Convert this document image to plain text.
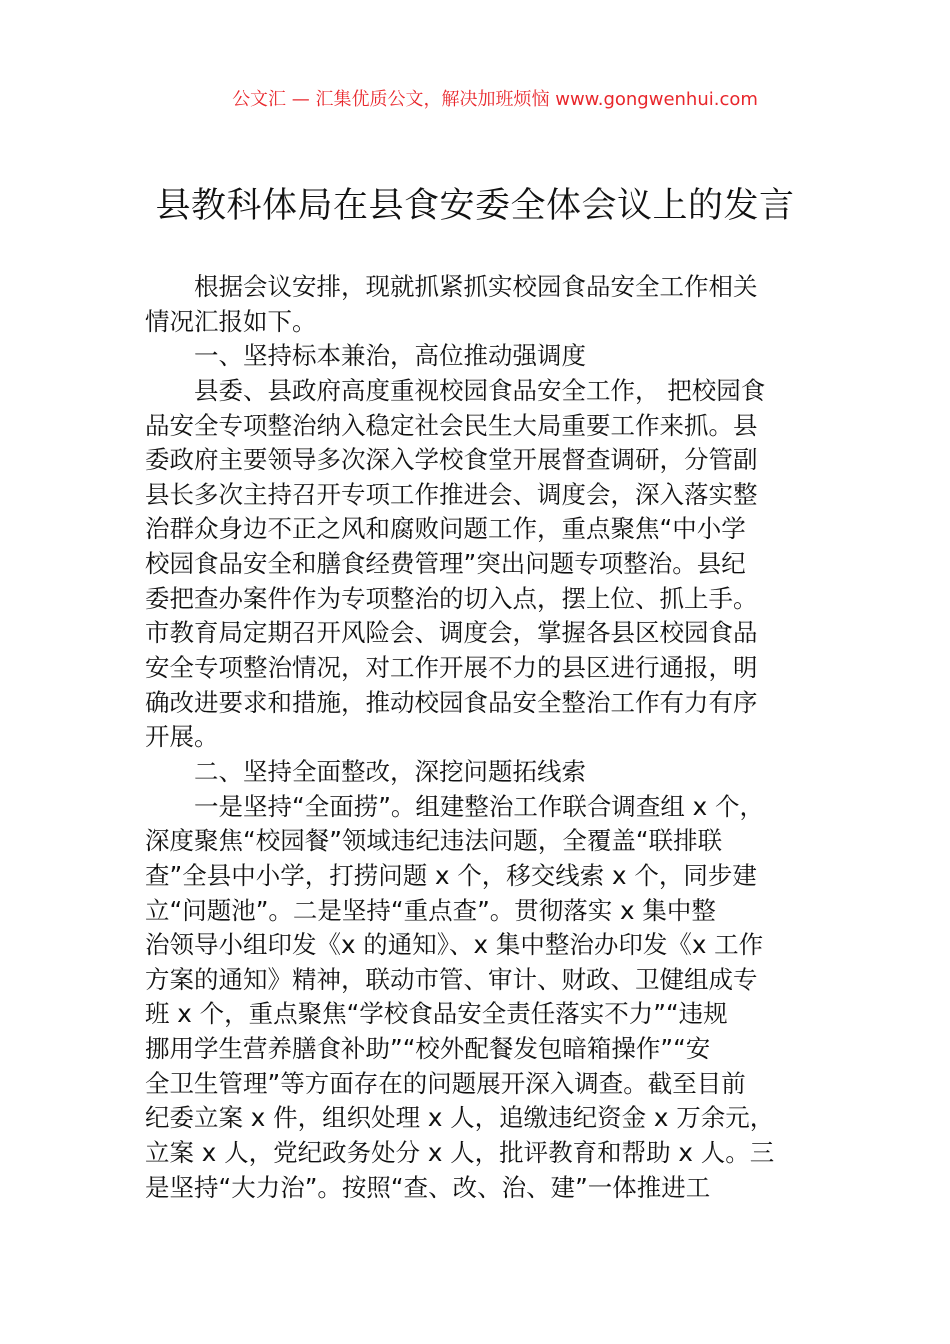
公文汇 — 汇集优质公文，解决加班烦恼 www.gongwenhui.com
县教科体局在县食安委全体会议上的发言
根据会议安排，现就抓紧抓实校园食品安全工作相关
情况汇报如下。
一、坚持标本兼治，高位推动强调度
县委、县政府高度重视校园食品安全工作， 把校园食
品安全专项整治纳入稳定社会民生大局重要工作来抓。县
委政府主要领导多次深入学校食堂开展督查调研，分管副
县长多次主持召开专项工作推进会、调度会，深入落实整
治群众身边不正之风和腐败问题工作，重点聚焦“中小学
校园食品安全和膳食经费管理”突出问题专项整治。县纪
委把查办案件作为专项整治的切入点，摆上位、抓上手。
市教育局定期召开风险会、调度会，掌握各县区校园食品
安全专项整治情况，对工作开展不力的县区进行通报，明
确改进要求和措施，推动校园食品安全整治工作有力有序
开展。
二、坚持全面整改，深挖问题拓线索
一是坚持“全面捞”。组建整治工作联合调查组 x 个，
深度聚焦“校园餐”领域违纪违法问题，全覆盖“联排联
查”全县中小学，打捞问题 x 个，移交线索 x 个，同步建
立“问题池”。二是坚持“重点查”。贯彻落实 x 集中整
治领导小组印发《x 的通知》、x 集中整治办印发《x 工作
方案的通知》精神，联动市管、审计、财政、卫健组成专
班 x 个，重点聚焦“学校食品安全责任落实不力”“违规
挪用学生营养膳食补助”“校外配餐发包暗箱操作”“安
全卫生管理”等方面存在的问题展开深入调查。截至目前
纪委立案 x 件，组织处理 x 人，追缴违纪资金 x 万余元，
立案 x 人，党纪政务处分 x 人，批评教育和帮助 x 人。三
是坚持“大力治”。按照“查、改、治、建”一体推进工
